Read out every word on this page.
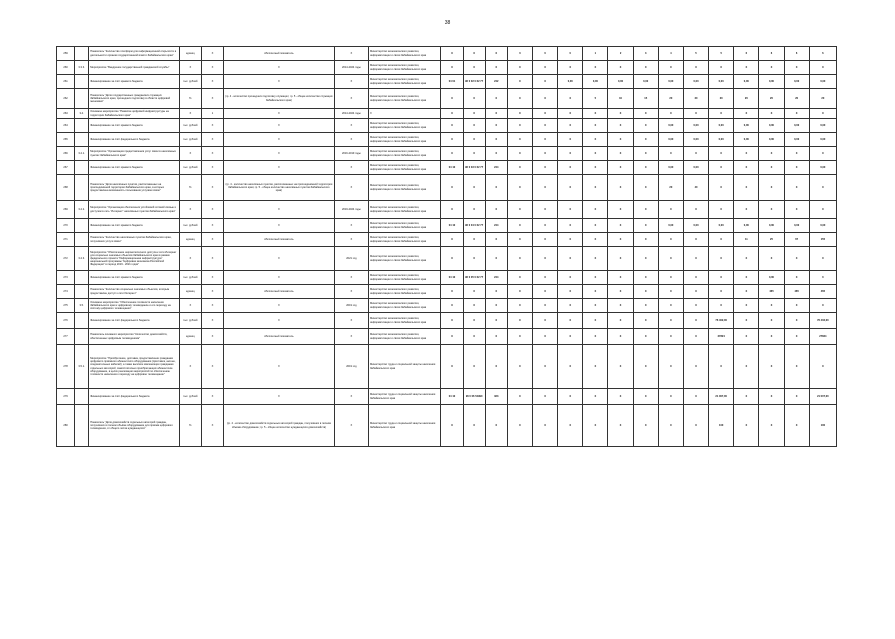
38
259		Показатель "Количество платформ для информационной открытости в деятельности органов государственной власти Забайкальского края"	единиц	X	Абсолютный показатель	X	Министерство экономического развития, информатизации и связи Забайкальского края	X	X	X	0	0	0	1	2	3	4	5	5	6	6	6	6
260	3.3.3.	Мероприятие "Внедрение государственной гражданской службы"	X	X	X	2014-2024 годы	Министерство экономического развития, информатизации и связи Забайкальского края	X	X	X	X	X	X	X	X	X	X	X	X	X	X	X	X
261		Финансирование за счёт краевого бюджета	тыс. рублей	X	X	X	Министерство экономического развития, информатизации и связи Забайкальского края	04 01	96 0 02 0 62 77	242	X	X	0,00	0,00	0,00	0,00	0,00	0,00	0,00	0,00	0,00	0,00	0,00
262		Показатель "Доля государственных гражданских служащих Забайкальского края, прошедших подготовку в области цифровой экономики"	%	X	(гр. 4 - количество прошедших подготовку служащих; гр. 5 - общее количество служащих Забайкальского края)	X	Министерство экономического развития, информатизации и связи Забайкальского края	X	X	X	X	X	X	5	10	15	20	20	20	20	20	20	20
263	3.4.	Основное мероприятие "Развитие цифровой инфраструктуры на территории Забайкальского края"	X	1	X	2014-2024 годы	X	X	X	X	X	X	X	X	X	X	X	X	X	X	X	X	X
264		Финансирование за счёт краевого бюджета	тыс. рублей	X	X	X	Министерство экономического развития, информатизации и связи Забайкальского края	X	X	X	X	X	X	X	X	X	0,00	0,00	0,00	0,00	0,00	0,00	0,00
265		Финансирование за счёт федерального бюджета	тыс. рублей	X	X	X	Министерство экономического развития, информатизации и связи Забайкальского края	X	X	X	X	X	X	X	X	X	0,00	0,00	0,00	0,00	0,00	0,00	0,00
266	3.4.1.	Мероприятие "Организация предоставления услуг связи в населённых пунктах Забайкальского края"	X	X	X	2016-2019 годы	Министерство экономического развития, информатизации и связи Забайкальского края	X	X	X	X	X	X	X	X	X	X	X	X	X	X	X	X
267		Финансирование за счёт краевого бюджета	тыс. рублей	X	X	X	Министерство экономического развития, информатизации и связи Забайкальского края	04 10	96 0 03 0 62 77	244	X	X	X	X	X	X	0,00	0,00	X	X	X	X	0,00
268		Показатель "Доля населённых пунктов, расположенных на присоединённой территории Забайкальского края, в которых предоставлена возможность пользования услугами связи"	%	X	(гр. 4 - количество населённых пунктов, расположенных на присоединённой территории Забайкальского края; гр. 5 - общее количество населённых пунктов Забайкальского края)	X	Министерство экономического развития, информатизации и связи Забайкальского края	X	X	X	X	X	X	X	X	X	20	40	X	X	X	X	X
269	3.4.2.	Мероприятие "Организация обеспечения устойчивой сотовой связью и доступом в сеть "Интернет" населённых пунктов Забайкальского края"	X	X	X	2019-2024 годы	Министерство экономического развития, информатизации и связи Забайкальского края	X	X	X	X	X	X	X	X	X	X	X	X	X	X	X	X
270		Финансирование за счёт краевого бюджета	тыс. рублей	X	X	X	Министерство экономического развития, информатизации и связи Забайкальского края	04 10	96 0 04 0 62 77	244	X	X	X	X	X	X	0,00	0,00	0,00	0,00	0,00	0,00	0,00
271		Показатель "Количество населённых пунктов Забайкальского края, получивших услуги связи"	единиц	X	Абсолютный показатель	X	Министерство экономического развития, информатизации и связи Забайкальского края	X	X	X	X	X	X	X	X	X	X	X	X	11	25	67	155
272	3.4.3.	Мероприятие "Обеспечение широкополосного доступа к сети Интернет для социально значимых объектов Забайкальского края в рамках федерального проекта "Информационная инфраструктура" национальной программы "Цифровая экономика Российской Федерации" в период 2019 - 2021 годов"	X	X	X	2021 год	Министерство экономического развития, информатизации и связи Забайкальского края	X	X	X	X	X	X	X	X	X	X	X	X	X	X	X	X
273		Финансирование за счёт краевого бюджета	тыс. рублей	X	X	X	Министерство экономического развития, информатизации и связи Забайкальского края	04 10	96 0 05 0 62 77	244	X	X	X	X	X	X	X	X	X	X	0,00	X	0
274		Показатель "Количество социально значимых объектов, которым предоставлен доступ к сети Интернет"	единиц	X	Абсолютный показатель	X	Министерство экономического развития, информатизации и связи Забайкальского края	X	X	X	X	X	X	X	X	X	X	X	X	X	465	465	465
275	3.5.	Основное мероприятие "Обеспечение готовности населения Забайкальского края к цифровому телевидению и его переходу на систему цифрового телевещания"	X	X	X	2019 год	Министерство экономического развития, информатизации и связи Забайкальского края	X	X	X	X	X	X	X	X	X	X	X	X	X	X	X	X
276		Финансирование за счёт федерального бюджета	тыс. рублей	X	X	X	Министерство экономического развития, информатизации и связи Забайкальского края	X	X	X	X	X	X	X	X	X	X	X	76 402,00	X	X	X	76 402,00
277		Показатель основного мероприятия "Количество домохозяйств, обеспеченных цифровым телевидением"	единиц	X	Абсолютный показатель	X	Министерство экономического развития, информатизации и связи Забайкальского края	X	X	X	X	X	X	X	X	X	X	X	27824	X	X	X	27824
278	3.5.1.	Мероприятие "Приобретение, доставка, предоставление гражданам цифрового приёмного абонентского оборудования (приставок, антенн, соединительных кабелей), а также выплата компенсации гражданам отдельных категорий, самостоятельно приобретающих абонентское оборудование, в целях реализации мероприятий по обеспечению готовности населения к переходу на цифровое телевещание"	X	X	X	2019 год	Министерство труда и социальной защиты населения Забайкальского края	X	X	X	X	X	X	X	X	X	X	X	X	X	X	X	X
279		Финансирование за счёт федерального бюджета	тыс. рублей	X	X	X	Министерство труда и социальной защиты населения Забайкальского края	04 10	96 0 06 54990	323	X	X	X	X	X	X	X	X	21 007,00	X	X	X	21 007,00
280		Показатель "Доля домохозяйств отдельных категорий граждан, получивших в полном объёме оборудование для приёма цифрового телевидения, от общего числа нуждающихся"	%	X	(гр. 4 - количество домохозяйств отдельных категорий граждан, получивших в полном объёме оборудование; гр. 5 - общее количество нуждающихся домохозяйств)	X	Министерство труда и социальной защиты населения Забайкальского края	X	X	X	X	X	X	X	X	X	X	X	100	X	X	X	100
